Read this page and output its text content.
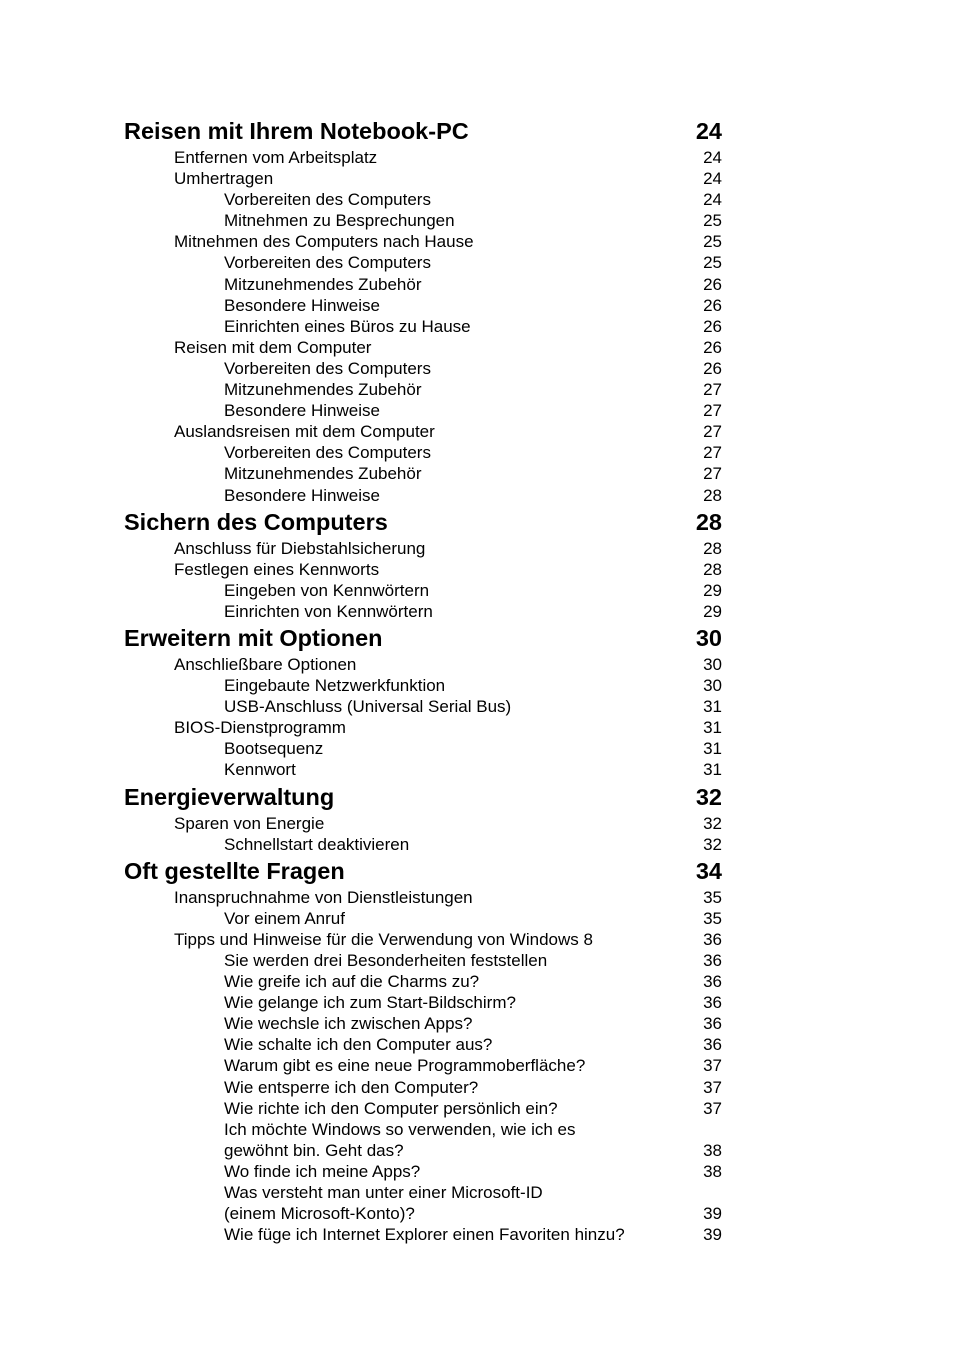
Reisen mit Ihrem Notebook-PC	24
Entfernen vom Arbeitsplatz	24
Umhertragen	24
Vorbereiten des Computers	24
Mitnehmen zu Besprechungen	25
Mitnehmen des Computers nach Hause	25
Vorbereiten des Computers	25
Mitzunehmendes Zubehör	26
Besondere Hinweise	26
Einrichten eines Büros zu Hause	26
Reisen mit dem Computer	26
Vorbereiten des Computers	26
Mitzunehmendes Zubehör	27
Besondere Hinweise	27
Auslandsreisen mit dem Computer	27
Vorbereiten des Computers	27
Mitzunehmendes Zubehör	27
Besondere Hinweise	28
Sichern des Computers	28
Anschluss für Diebstahlsicherung	28
Festlegen eines Kennworts	28
Eingeben von Kennwörtern	29
Einrichten von Kennwörtern	29
Erweitern mit Optionen	30
Anschließbare Optionen	30
Eingebaute Netzwerkfunktion	30
USB-Anschluss (Universal Serial Bus)	31
BIOS-Dienstprogramm	31
Bootsequenz	31
Kennwort	31
Energieverwaltung	32
Sparen von Energie	32
Schnellstart deaktivieren	32
Oft gestellte Fragen	34
Inanspruchnahme von Dienstleistungen	35
Vor einem Anruf	35
Tipps und Hinweise für die Verwendung von Windows 8	36
Sie werden drei Besonderheiten feststellen	36
Wie greife ich auf die Charms zu?	36
Wie gelange ich zum Start-Bildschirm?	36
Wie wechsle ich zwischen Apps?	36
Wie schalte ich den Computer aus?	36
Warum gibt es eine neue Programmoberfläche?	37
Wie entsperre ich den Computer?	37
Wie richte ich den Computer persönlich ein?	37
Ich möchte Windows so verwenden, wie ich es
gewöhnt bin. Geht das?	38
Wo finde ich meine Apps?	38
Was versteht man unter einer Microsoft-ID
(einem Microsoft-Konto)?	39
Wie füge ich Internet Explorer einen Favoriten hinzu?	39
